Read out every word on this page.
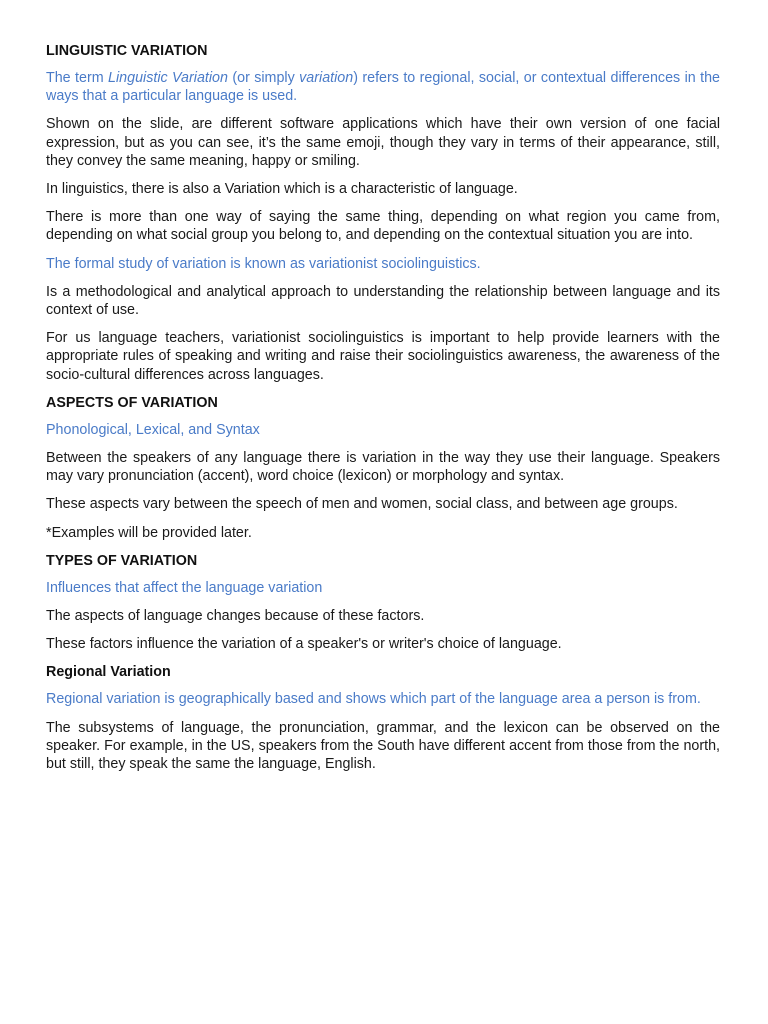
LINGUISTIC VARIATION

The term Linguistic Variation (or simply variation) refers to regional, social, or contextual differences in the ways that a particular language is used.

Shown on the slide, are different software applications which have their own version of one facial expression, but as you can see, it’s the same emoji, though they vary in terms of their appearance, still, they convey the same meaning, happy or smiling.

In linguistics, there is also a Variation which is a characteristic of language.

There is more than one way of saying the same thing, depending on what region you came from, depending on what social group you belong to, and depending on the contextual situation you are into.

The formal study of variation is known as variationist sociolinguistics.

Is a methodological and analytical approach to understanding the relationship between language and its context of use.

For us language teachers, variationist sociolinguistics is important to help provide learners with the appropriate rules of speaking and writing and raise their sociolinguistics awareness, the awareness of the socio-cultural differences across languages.

ASPECTS OF VARIATION

Phonological, Lexical, and Syntax

Between the speakers of any language there is variation in the way they use their language. Speakers may vary pronunciation (accent), word choice (lexicon) or morphology and syntax.

These aspects vary between the speech of men and women, social class, and between age groups.

*Examples will be provided later.

TYPES OF VARIATION

Influences that affect the language variation

The aspects of language changes because of these factors.

These factors influence the variation of a speaker's or writer's choice of language.

Regional Variation

Regional variation is geographically based and shows which part of the language area a person is from.

The subsystems of language, the pronunciation, grammar, and the lexicon can be observed on the speaker. For example, in the US, speakers from the South have different accent from those from the north, but still, they speak the same the language, English.
